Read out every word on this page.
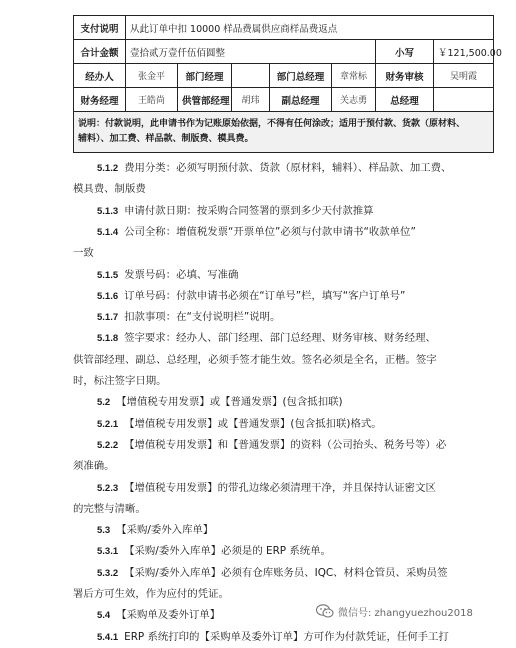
支付说明	从此订单中扣 10000 样品费属供应商样品费返点						
合计金额	壹拾贰万壹仟伍佰圆整					小写	￥121,500.00
经办人	张金平	部门经理		部门总经理	章常标	财务审核	吴明霞
财务经理	王皓尚	供管部经理	胡玮	副总经理	关志勇	总经理	

说明：付款说明，此申请书作为记账原始依据，不得有任何涂改；适用于预付款、货款（原材料、
辅料）、加工费、样品款、制版费、模具费。							
5.1.2 费用分类：必须写明预付款、货款（原材料，辅料）、样品款、加工费、
模具费、制版费
5.1.3 申请付款日期：按采购合同签署的票到多少天付款推算
5.1.4 公司全称：增值税发票“开票单位”必须与付款申请书“收款单位”
一致
5.1.5 发票号码：必填、写准确
5.1.6 订单号码：付款申请书必须在“订单号”栏，填写“客户订单号”
5.1.7 扣款事项：在“支付说明栏”说明。
5.1.8 签字要求：经办人、部门经理、部门总经理、财务审核、财务经理、
供管部经理、副总、总经理，必须手签才能生效。签名必须是全名，正楷。签字
时，标注签字日期。
5.2 【增值税专用发票】或【普通发票】(包含抵扣联)
5.2.1 【增值税专用发票】或【普通发票】(包含抵扣联)格式。
5.2.2 【增值税专用发票】和【普通发票】的资料（公司抬头、税务号等）必
须准确。
5.2.3 【增值税专用发票】的带孔边缘必须清理干净，并且保持认证密文区
的完整与清晰。
5.3 【采购/委外入库单】
5.3.1 【采购/委外入库单】必须是的 ERP 系统单。
5.3.2 【采购/委外入库单】必须有仓库账务员、IQC、材料仓管员、采购员签
署后方可生效，作为应付的凭证。
5.4 【采购单及委外订单】
5.4.1 ERP 系统打印的【采购单及委外订单】方可作为付款凭证，任何手工打
微信号: zhangyuezhou2018
